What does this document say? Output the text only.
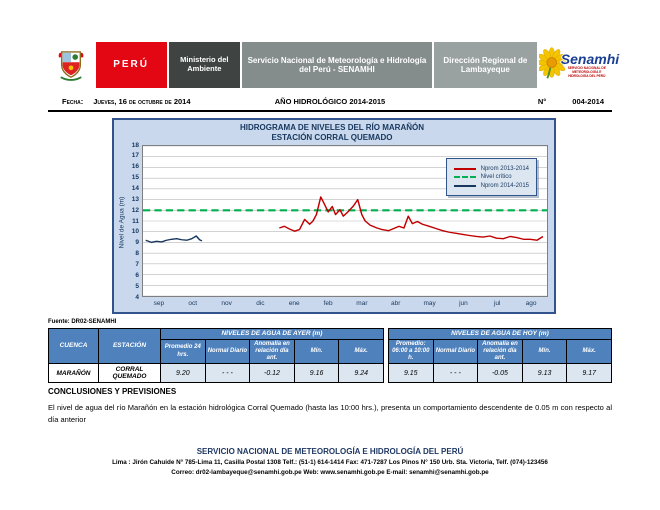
PERÚ	Ministerio del Ambiente
Servicio Nacional de Meteorología e Hidrología del Perú - SENAMHI
Dirección Regional de Lambayeque
Senamhi
SERVICIO NACIONAL DE METEOROLOGÍA E HIDROLOGÍA DEL PERÚ
Fecha: Jueves, 16 de octubre de 2014	AÑO HIDROLÓGICO 2014-2015	N°	004-2014
HIDROGRAMA DE NIVELES DEL RÍO MARAÑÓN
ESTACIÓN CORRAL QUEMADO
Nivel de Agua (m)
18
17
16
15
14
13
12
11
10
9
8
7
6
5
4
Nprom 2013-2014
Nivel crítico
Nprom 2014-2015
sep	oct	nov	dic	ene	feb	mar	abr	may	jun	jul	ago
Fuente: DR02-SENAMHI
CUENCA	ESTACIÓN	NIVELES DE AGUA DE AYER (m)						NIVELES DE AGUA DE HOY (m)				
		Promedio 24 hrs.	Normal Diario	Anomalía en relación día ant.	Mín.	Máx.		Promedio: 06:00 a 10:00 h.	Normal Diario	Anomalía en relación día ant.	Mín.	Máx.
MARAÑÓN	CORRAL QUEMADO	9.20	- - -	-0.12	9.16	9.24		9.15	- - -	-0.05	9.13	9.17
CONCLUSIONES Y PREVISIONES
El nivel de agua del río Marañón en la estación hidrológica Corral Quemado (hasta las 10:00 hrs.), presenta un comportamiento descendente de 0.05 m con respecto al día anterior
SERVICIO NACIONAL DE METEOROLOGÍA E HIDROLOGÍA DEL PERÚ
Lima : Jirón Cahuide N° 785-Lima 11, Casilla Postal 1308 Telf.: (51-1) 614-1414 Fax: 471-7287 Los Pinos N° 150 Urb. Sta. Victoria, Telf. (074)-123456
Correo: dr02-lambayeque@senamhi.gob.pe Web: www.senamhi.gob.pe E-mail: senamhi@senamhi.gob.pe
